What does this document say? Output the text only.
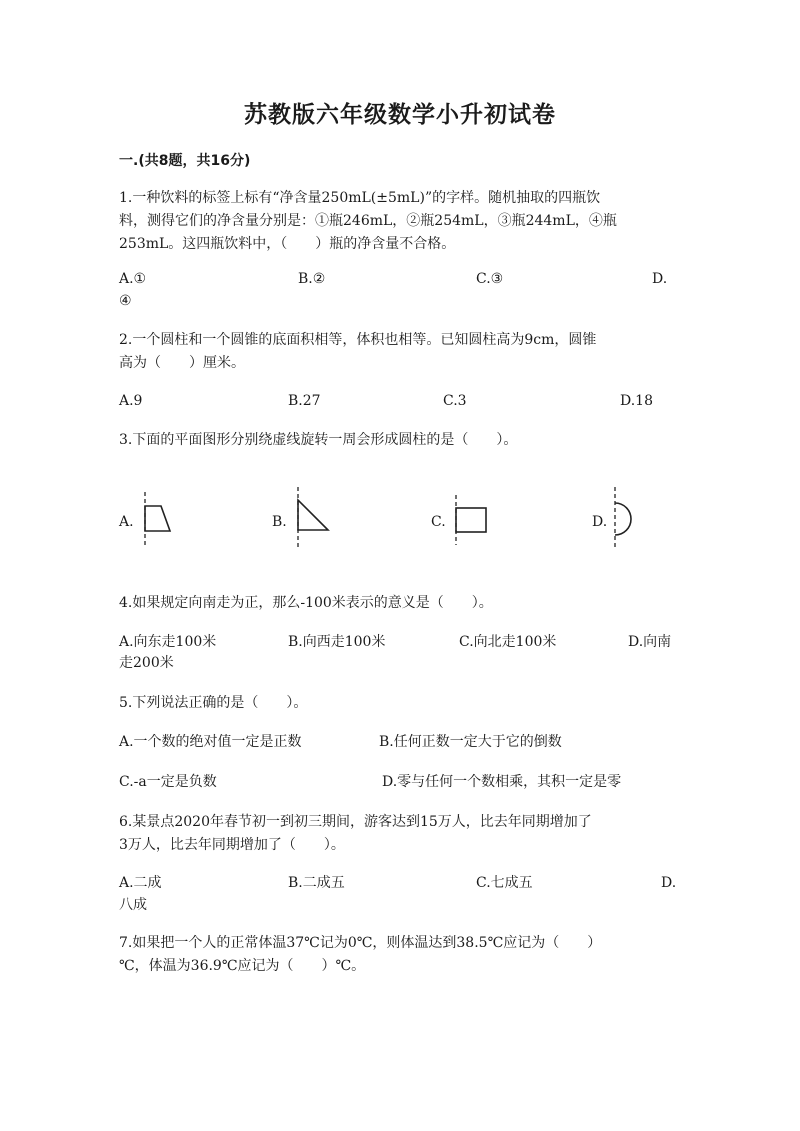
苏教版六年级数学小升初试卷
一.(共8题，共16分)
1.一种饮料的标签上标有“净含量250mL(±5mL)”的字样。随机抽取的四瓶饮
料，测得它们的净含量分别是：①瓶246mL，②瓶254mL，③瓶244mL，④瓶
253mL。这四瓶饮料中，（　　）瓶的净含量不合格。
A.①	B.②	C.③	D.
④
2.一个圆柱和一个圆锥的底面积相等，体积也相等。已知圆柱高为9cm，圆锥
高为（　　）厘米。
A.9	B.27	C.3	D.18
3.下面的平面图形分别绕虚线旋转一周会形成圆柱的是（　　）。
A.	B.	C.	D.
4.如果规定向南走为正，那么-100米表示的意义是（　　）。
A.向东走100米	B.向西走100米	C.向北走100米	D.向南
走200米
5.下列说法正确的是（　　）。
A.一个数的绝对值一定是正数	B.任何正数一定大于它的倒数
C.-a一定是负数	D.零与任何一个数相乘，其积一定是零
6.某景点2020年春节初一到初三期间，游客达到15万人，比去年同期增加了
3万人，比去年同期增加了（　　）。
A.二成	B.二成五	C.七成五	D.
八成
7.如果把一个人的正常体温37℃记为0℃，则体温达到38.5℃应记为（　　）
℃，体温为36.9℃应记为（　　）℃。
